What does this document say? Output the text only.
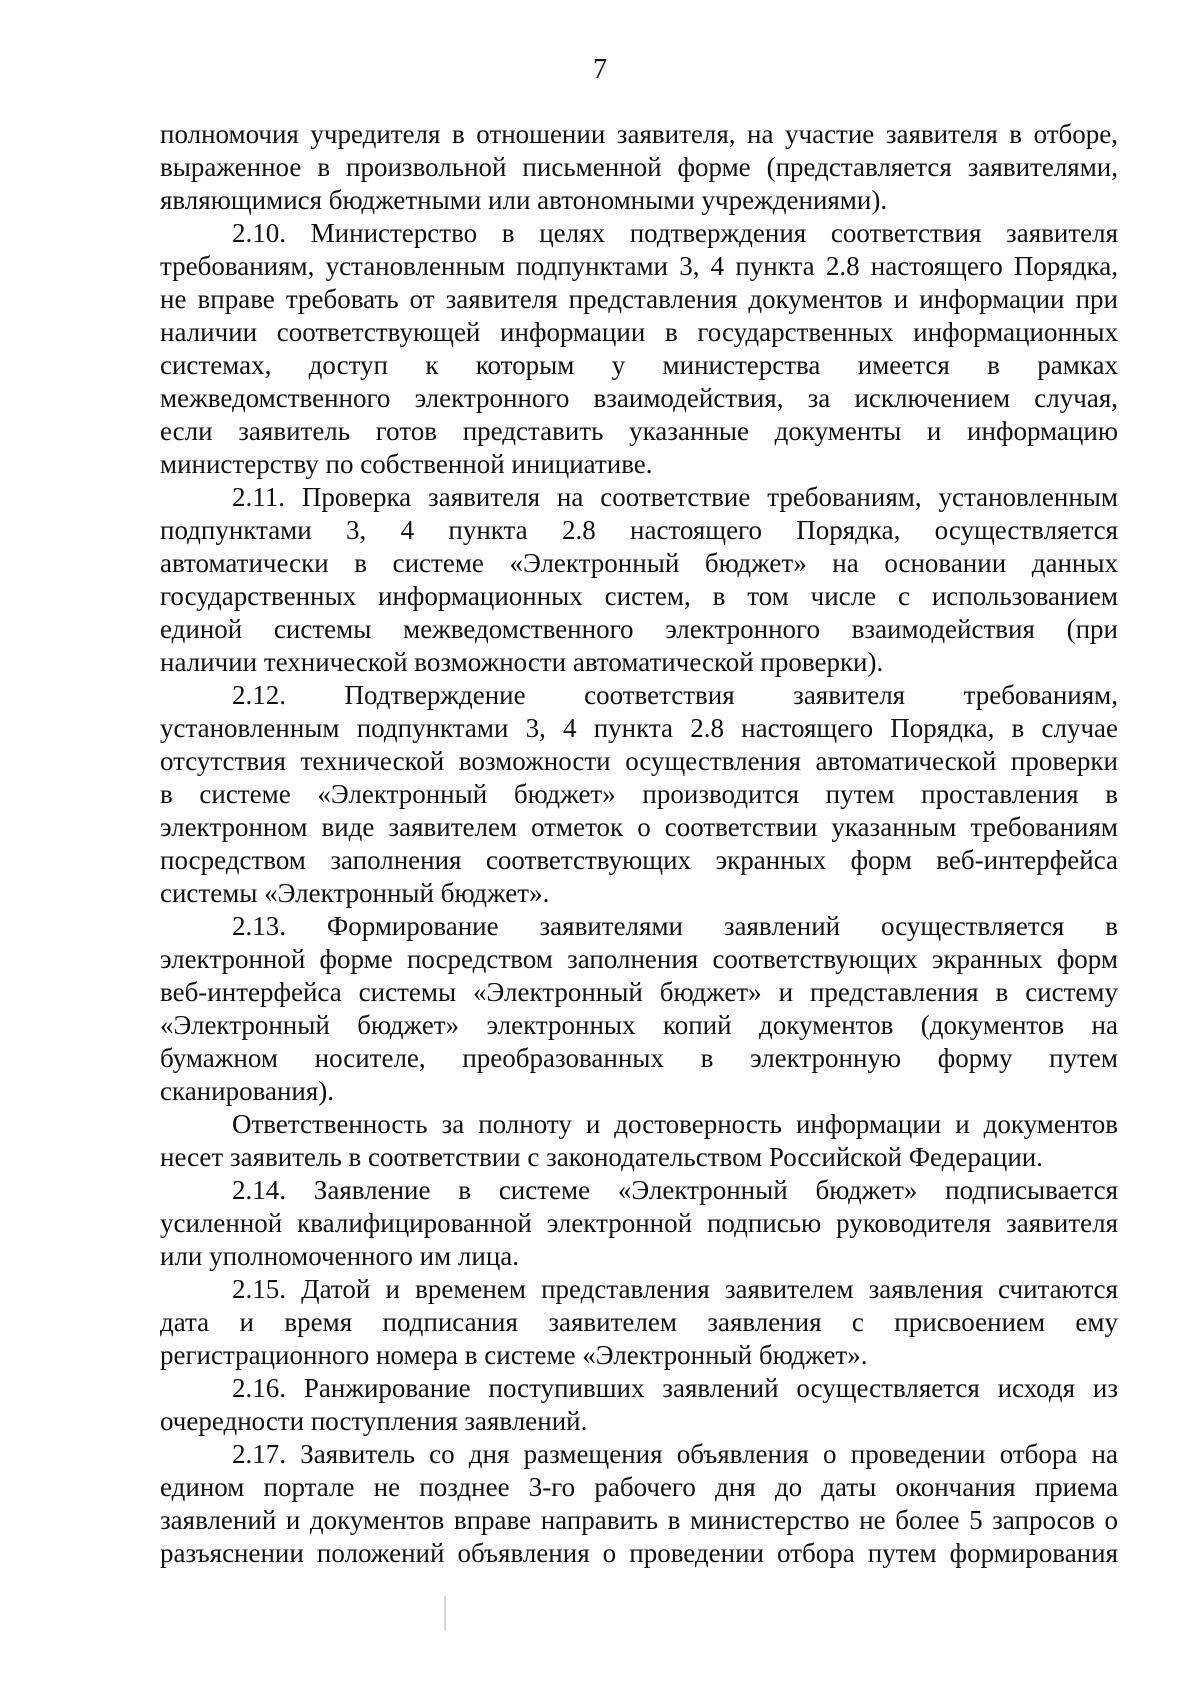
7
полномочия учредителя в отношении заявителя, на участие заявителя в отборе,
выраженное в произвольной письменной форме (представляется заявителями,
являющимися бюджетными или автономными учреждениями).
2.10. Министерство в целях подтверждения соответствия заявителя
требованиям, установленным подпунктами 3, 4 пункта 2.8 настоящего Порядка,
не вправе требовать от заявителя представления документов и информации при
наличии соответствующей информации в государственных информационных
системах, доступ к которым у министерства имеется в рамках
межведомственного электронного взаимодействия, за исключением случая,
если заявитель готов представить указанные документы и информацию
министерству по собственной инициативе.
2.11. Проверка заявителя на соответствие требованиям, установленным
подпунктами 3, 4 пункта 2.8 настоящего Порядка, осуществляется
автоматически в системе «Электронный бюджет» на основании данных
государственных информационных систем, в том числе с использованием
единой системы межведомственного электронного взаимодействия (при
наличии технической возможности автоматической проверки).
2.12. Подтверждение соответствия заявителя требованиям,
установленным подпунктами 3, 4 пункта 2.8 настоящего Порядка, в случае
отсутствия технической возможности осуществления автоматической проверки
в системе «Электронный бюджет» производится путем проставления в
электронном виде заявителем отметок о соответствии указанным требованиям
посредством заполнения соответствующих экранных форм веб-интерфейса
системы «Электронный бюджет».
2.13. Формирование заявителями заявлений осуществляется в
электронной форме посредством заполнения соответствующих экранных форм
веб-интерфейса системы «Электронный бюджет» и представления в систему
«Электронный бюджет» электронных копий документов (документов на
бумажном носителе, преобразованных в электронную форму путем
сканирования).
Ответственность за полноту и достоверность информации и документов
несет заявитель в соответствии с законодательством Российской Федерации.
2.14. Заявление в системе «Электронный бюджет» подписывается
усиленной квалифицированной электронной подписью руководителя заявителя
или уполномоченного им лица.
2.15. Датой и временем представления заявителем заявления считаются
дата и время подписания заявителем заявления с присвоением ему
регистрационного номера в системе «Электронный бюджет».
2.16. Ранжирование поступивших заявлений осуществляется исходя из
очередности поступления заявлений.
2.17. Заявитель со дня размещения объявления о проведении отбора на
едином портале не позднее 3-го рабочего дня до даты окончания приема
заявлений и документов вправе направить в министерство не более 5 запросов о
разъяснении положений объявления о проведении отбора путем формирования
